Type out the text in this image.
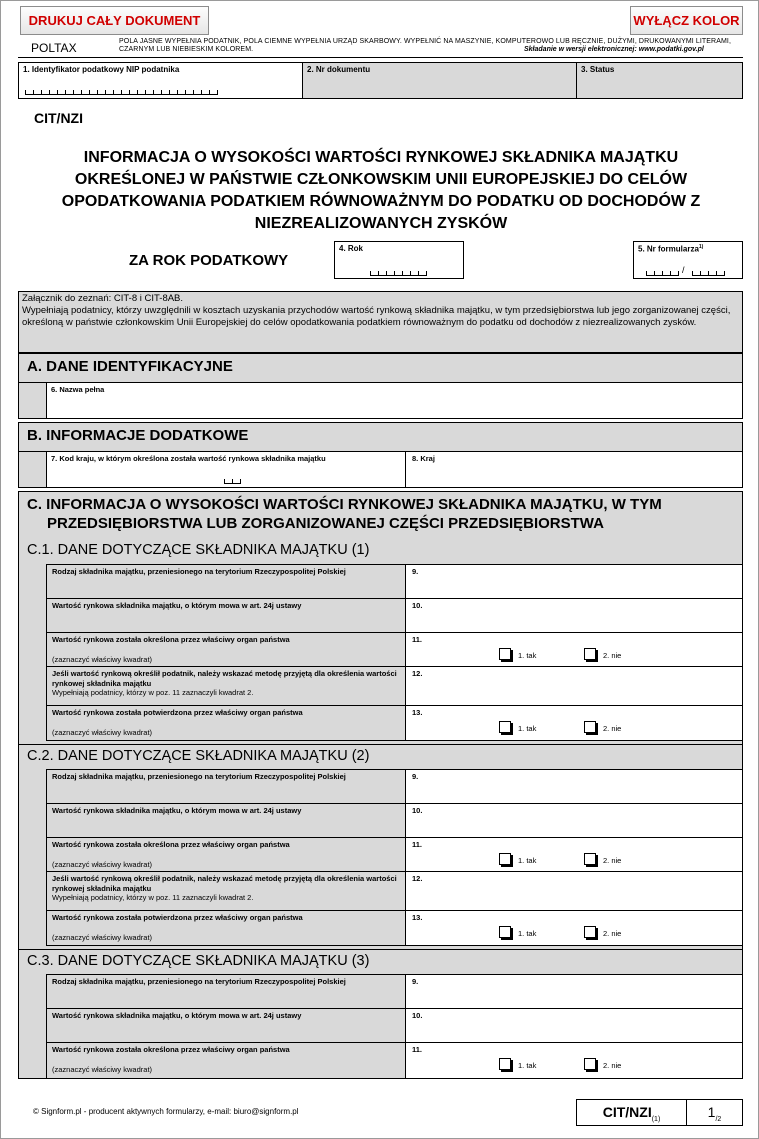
DRUKUJ CAŁY DOKUMENT	WYŁĄCZ KOLOR
POLTAX	POLA JASNE WYPEŁNIA PODATNIK, POLA CIEMNE WYPEŁNIA URZĄD SKARBOWY. WYPEŁNIĆ NA MASZYNIE, KOMPUTEROWO LUB RĘCZNIE, DUŻYMI, DRUKOWANYMI LITERAMI, CZARNYM LUB NIEBIESKIM KOLOREM.	Składanie w wersji elektronicznej: www.podatki.gov.pl
1. Identyfikator podatkowy NIP podatnika	2. Nr dokumentu	3. Status
CIT/NZI
INFORMACJA O WYSOKOŚCI WARTOŚCI RYNKOWEJ SKŁADNIKA MAJĄTKU OKREŚLONEJ W PAŃSTWIE CZŁONKOWSKIM UNII EUROPEJSKIEJ DO CELÓW OPODATKOWANIA PODATKIEM RÓWNOWAŻNYM DO PODATKU OD DOCHODÓW Z NIEZREALIZOWANYCH ZYSKÓW
ZA ROK PODATKOWY
4. Rok	5. Nr formularza$^{1)}$
/
Załącznik do zeznań: CIT-8 i CIT-8AB.
Wypełniają podatnicy, którzy uwzględnili w kosztach uzyskania przychodów wartość rynkową składnika majątku, w tym przedsiębiorstwa lub jego zorganizowanej części, określoną w państwie członkowskim Unii Europejskiej do celów opodatkowania podatkiem równoważnym do podatku od dochodów z niezrealizowanych zysków.
A. DANE IDENTYFIKACYJNE
6. Nazwa pełna
B. INFORMACJE DODATKOWE
7. Kod kraju, w którym określona została wartość rynkowa składnika majątku	8. Kraj
C. INFORMACJA O WYSOKOŚCI WARTOŚCI RYNKOWEJ SKŁADNIKA MAJĄTKU, W TYM
PRZEDSIĘBIORSTWA LUB ZORGANIZOWANEJ CZĘŚCI PRZEDSIĘBIORSTWA
C.1. DANE DOTYCZĄCE SKŁADNIKA MAJĄTKU (1)
Rodzaj składnika majątku, przeniesionego na terytorium Rzeczypospolitej Polskiej	9.
Wartość rynkowa składnika majątku, o którym mowa w art. 24j ustawy	10.
Wartość rynkowa została określona przez właściwy organ państwa
(zaznaczyć właściwy kwadrat)
11.
1. tak	2. nie
Jeśli wartość rynkową określił podatnik, należy wskazać metodę przyjętą dla określenia wartości rynkowej składnika majątku
Wypełniają podatnicy, którzy w poz. 11 zaznaczyli kwadrat 2.
12.
Wartość rynkowa została potwierdzona przez właściwy organ państwa
(zaznaczyć właściwy kwadrat)
13.
1. tak	2. nie
C.2. DANE DOTYCZĄCE SKŁADNIKA MAJĄTKU (2)
Rodzaj składnika majątku, przeniesionego na terytorium Rzeczypospolitej Polskiej	9.
Wartość rynkowa składnika majątku, o którym mowa w art. 24j ustawy	10.
Wartość rynkowa została określona przez właściwy organ państwa
(zaznaczyć właściwy kwadrat)
11.
1. tak	2. nie
Jeśli wartość rynkową określił podatnik, należy wskazać metodę przyjętą dla określenia wartości rynkowej składnika majątku
Wypełniają podatnicy, którzy w poz. 11 zaznaczyli kwadrat 2.
12.
Wartość rynkowa została potwierdzona przez właściwy organ państwa
(zaznaczyć właściwy kwadrat)
13.
1. tak	2. nie
C.3. DANE DOTYCZĄCE SKŁADNIKA MAJĄTKU (3)
Rodzaj składnika majątku, przeniesionego na terytorium Rzeczypospolitej Polskiej	9.
Wartość rynkowa składnika majątku, o którym mowa w art. 24j ustawy	10.
Wartość rynkowa została określona przez właściwy organ państwa
(zaznaczyć właściwy kwadrat)
11.
1. tak	2. nie
© Signform.pl - producent aktywnych formularzy, e-mail: biuro@signform.pl	CIT/$NZI_{(1)}$	$1_{/2}$
